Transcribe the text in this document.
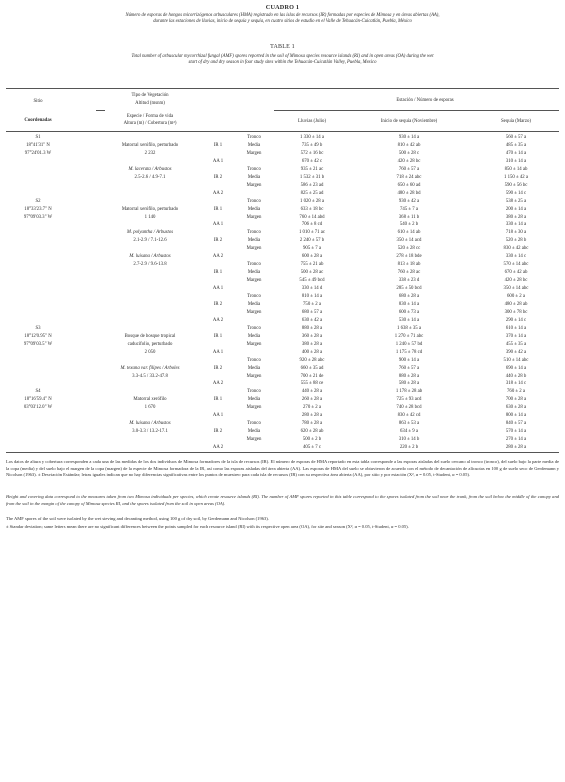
CUADRO 1
Número de esporas de hongos micorrizógenos arbusculares (HMA) registrado en las islas de recursos (IR) formadas por especies de Mimosa y en áreas abiertas (AA),
durante las estaciones de lluvias, inicio de sequía y sequía, en cuatro sitios de estudio en el Valle de Tehuacán-Cuicatlán, Puebla, México
TABLE 1
Total number of arbuscular mycorrhizal fungal (AMF) spores reported in the soil of Mimosa species resource islands (RI) and in open areas (OA) during the wet
start of dry and dry season in four study sites within the Tehuacán-Cuicatlán Valley, Puebla, Mexico
Sitio
Tipo de Vegetación
Altitud (msnm)
Estación / Número de esporas
Coordenadas
Especie / Forma de vida
Altura (m) / Cobertura (m²)	Lluvias (Julio)	Inicio de sequía (Noviembre)	Sequía (Marzo)
S1	Tronco	1 330 ± 14 a	930 ± 14 a	560 ± 57 a
18°41'31" N	Matorral xerófilo, perturbado	IR 1	Media	735 ± 49 b	810 ± 42 ab	485 ± 35 a
97°24'01.3 W	2 232	Margen	572 ± 16 bc	500 ± 28 c	470 ± 14 a
AA 1	670 ± 42 c	420 ± 28 bc	310 ± 14 a
M. lacerata / Arbustos	Tronco	935 ± 21 ac	760 ± 57 a	850 ± 14 ab
2.5-2.6 / 4.9-7.1	IR 2	Media	1 532 ± 31 b	718 ± 24 abc	1 150 ± 42 a
Margen	586 ± 23 ad	650 ± 60 ad	590 ± 56 bc
AA 2	825 ± 25 ad	480 ± 28 bd	590 ± 14 c
S2	Tronco	1 020 ± 28 a	930 ± 42 a	538 ± 25 a
18°33'23.7" N	Matorral xerófilo, perturbado	IR 1	Media	633 ± 18 bc	745 ± 7 a	200 ± 14 a
97°09'03.3" W	1 140	Margen	760 ± 14 abd	368 ± 11 b	380 ± 28 a
AA 1	706 ± 8 cd	540 ± 2 b	330 ± 14 a
M. polyantha / Arbustos	Tronco	1 010 ± 71 ac	610 ± 14 ab	718 ± 30 a
2.1-2.9 / 7.1-12.6	IR 2	Media	2 240 ± 57 b	350 ± 14 acd	520 ± 28 b
Margen	905 ± 7 a	520 ± 28 cc	830 ± 42 abc
M. luisana / Arbustos	AA 2	600 ± 28 a	278 ± 18 bde	330 ± 14 c
2.7-2.9 / 9.6-13.8	Tronco	755 ± 21 ab	813 ± 18 ab	570 ± 14 abc
IR 1	Media	500 ± 28 ac	760 ± 28 ac	670 ± 42 ab
Margen	545 ± 49 bcd	338 ± 23 d	420 ± 28 bc
AA 1	330 ± 14 d	285 ± 50 bcd	350 ± 14 abc
Tronco	810 ± 14 a	680 ± 28 a	600 ± 2 a
IR 2	Media	750 ± 2 a	830 ± 14 a	480 ± 28 ab
Margen	680 ± 57 a	600 ± 73 a	300 ± 78 bc
AA 2	630 ± 42 a	530 ± 14 a	290 ± 14 c
S3	Tronco	880 ± 28 a	1 638 ± 35 a	610 ± 14 a
18°12'0.95" N	Bosque de bosque tropical	IR 1	Media	360 ± 28 a	1 270 ± 71 abc	370 ± 14 a
97°09'03.5" W	caducifolio, perturbado	Margen	380 ± 28 a	1 240 ± 57 bd	455 ± 35 a
2 050	AA 1	400 ± 28 a	1 175 ± 78 cd	390 ± 42 a
Tronco	920 ± 28 abc	900 ± 14 a	510 ± 14 abc
M. texana var. filipes / Arboles	IR 2	Media	660 ± 35 ad	760 ± 57 a	690 ± 14 a
3.3-4.5 / 33.2-47.8	Margen	700 ± 21 de	880 ± 28 a	440 ± 28 b
AA 2	555 ± 88 ce	580 ± 28 a	318 ± 14 c
S4	Tronco	440 ± 28 a	1 178 ± 28 ab	760 ± 2 a
18°16'59.4" N	Matorral xerófilo	IR 1	Media	260 ± 28 a	725 ± 93 acd	700 ± 28 a
03°03'12.0" W	1 670	Margen	270 ± 2 a	740 ± 28 bcd	630 ± 28 a
AA 1	280 ± 28 a	830 ± 42 cd	800 ± 14 a
M. luisana / Arbustos	Tronco	780 ± 28 a	863 ± 53 a	840 ± 57 a
3.0-3.3 / 13.2-17.1	IR 2	Media	620 ± 28 ab	634 ± 9 a	570 ± 14 a
Margen	500 ± 2 b	310 ± 14 b	270 ± 14 a
AA 2	405 ± 7 c	220 ± 2 b	280 ± 28 a
Los datos de altura y cobertura corresponden a cada una de las medidas de los dos individuos de Mimosa formadores de la isla de recursos (IR). El número de esporas de HMA reportado en esta tabla corresponde a las esporas aisladas del suelo cercano al tronco (tronco), del suelo bajo la parte media de la copa (media) y del suelo bajo el margen de la copa (margen) de la especie de Mimosa formadora de la IR, así como las esporas aisladas del área abierta (AA). Las esporas de HMA del suelo se obtuvieron de acuerdo con el método de decantación de alícuotas en 100 g de suelo seco de Gerdemann y Nicolson (1963). ± Desviación Estándar; letras iguales indican que no hay diferencias significativas entre los puntos de muestreo para cada isla de recursos (IR) con su respectiva área abierta (AA), por sitio y por estación (X², α = 0.05, t-Student, α = 0.05).
Height and covering data correspond to the measures taken from two Mimosa individuals per species, which create resource islands (RI). The number of AMF spores reported in this table correspond to the spores isolated from the soil near the trunk, from the soil below the middle of the canopy and from the soil in the margin of the canopy of Mimosa species RI, and the spores isolated from the soil in open areas (OA).
The AMF spores of the soil were isolated by the wet sieving and decanting method, using 100 g of dry soil, by Gerdemann and Nicolson (1963).
± Standar deviation; same letters mean there are no significant differences between the points sampled for each resource island (RI) with its respective open area (OA), for site and season (X², α = 0.05, t-Student, α = 0.05).
